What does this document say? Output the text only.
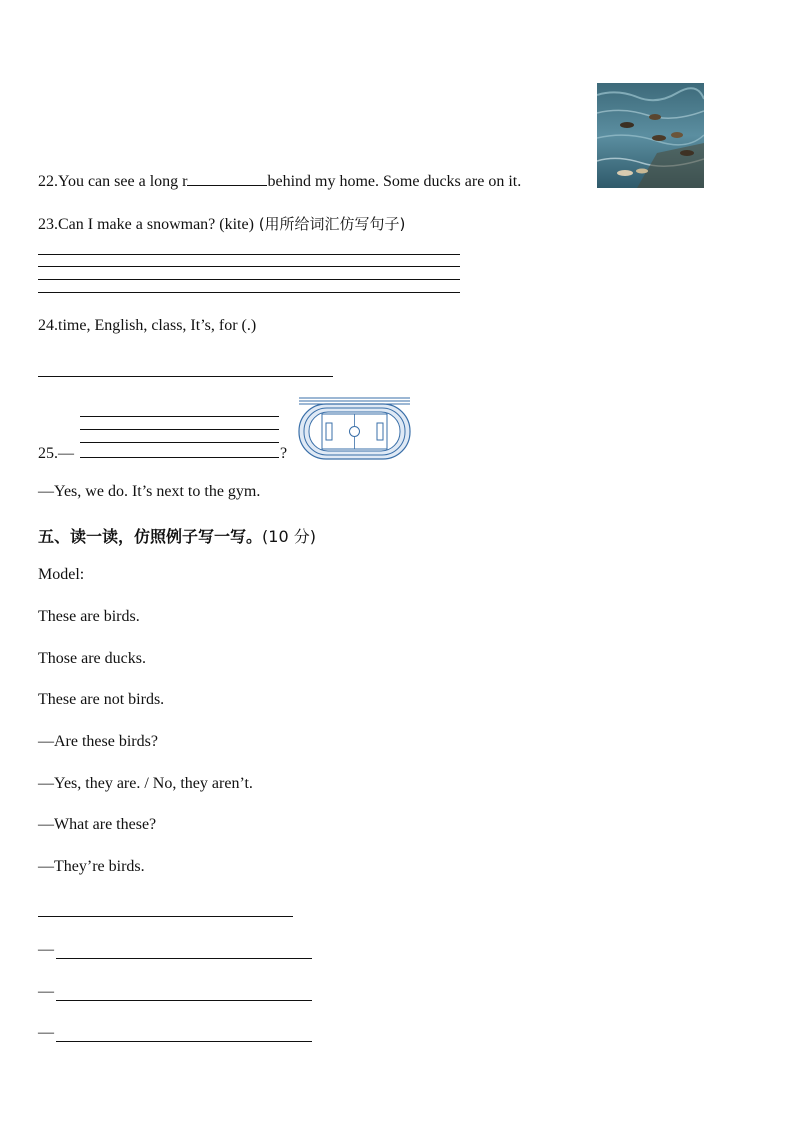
22.You can see a long r	behind my home. Some ducks are on it.
23.Can I make a snowman? (kite) (用所给词汇仿写句子)
24.time, English, class, It’s, for (.)
25.—	?
—Yes, we do. It’s next to the gym.
五、读一读，仿照例子写一写。(10 分)
Model:
These are birds.
Those are ducks.
These are not birds.
—Are these birds?
—Yes, they are. / No, they aren’t.
—What are these?
—They’re birds.
—
—
—
